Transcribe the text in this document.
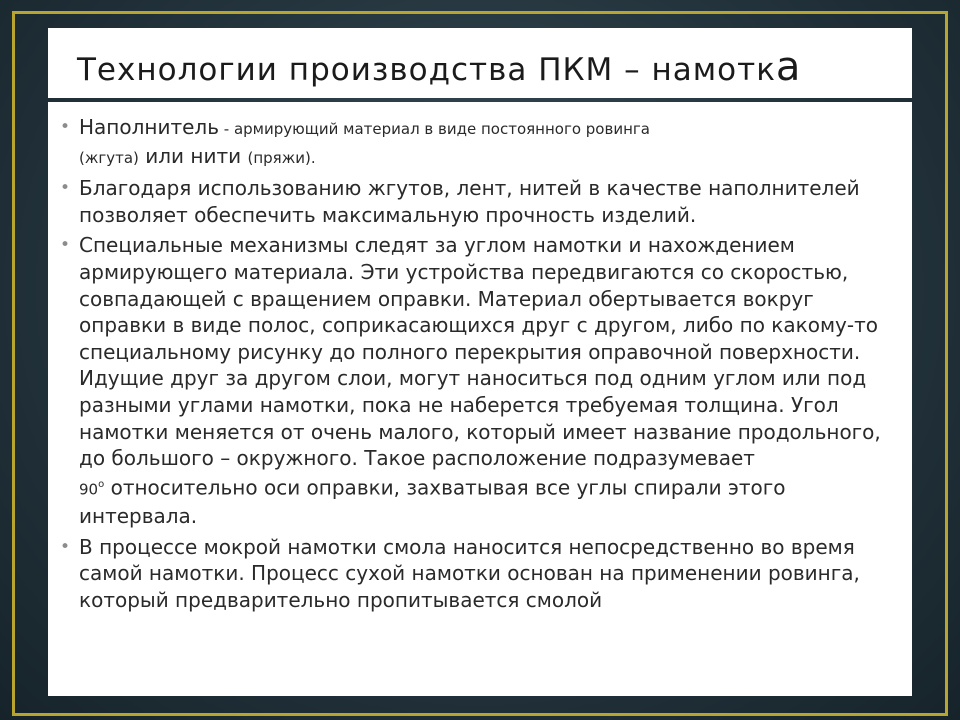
Технологии производства ПКМ – намотка
• Наполнитель - армирующий материал в виде постоянного ровинга
(жгута) или нити (пряжи).
• Благодаря использованию жгутов, лент, нитей в качестве наполнителей позволяет обеспечить максимальную прочность изделий.
• Специальные механизмы следят за углом намотки и нахождением армирующего материала. Эти устройства передвигаются со скоростью, совпадающей с вращением оправки. Материал обертывается вокруг оправки в виде полос, соприкасающихся друг с другом, либо по какому-то специальному рисунку до полного перекрытия оправочной поверхности. Идущие друг за другом слои, могут наноситься под одним углом или под разными углами намотки, пока не наберется требуемая толщина. Угол намотки меняется от очень малого, который имеет название продольного, до большого – окружного. Такое расположение подразумевает
$90^о$ относительно оси оправки, захватывая все углы спирали этого интервала.
• В процессе мокрой намотки смола наносится непосредственно во время самой намотки. Процесс сухой намотки основан на применении ровинга, который предварительно пропитывается смолой
